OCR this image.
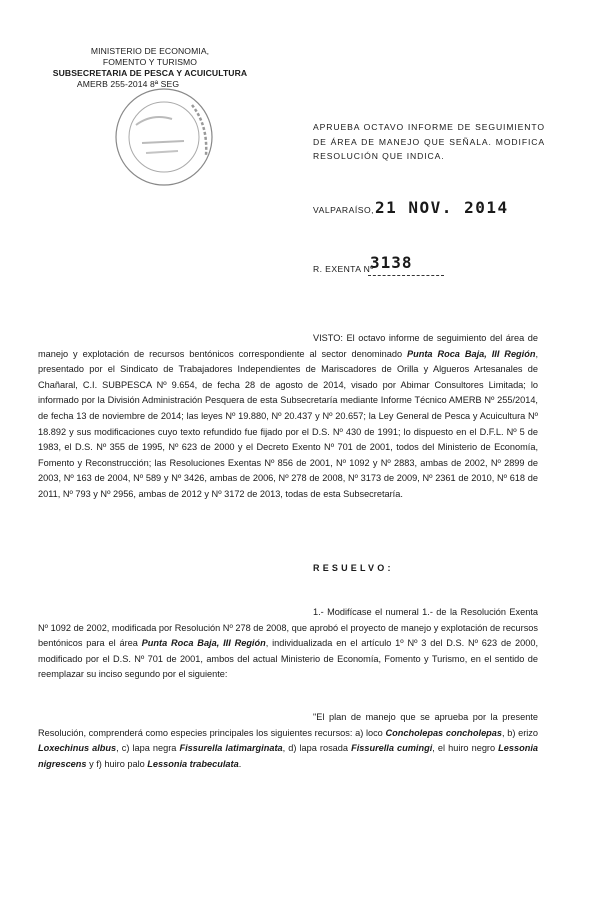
MINISTERIO DE ECONOMIA,
FOMENTO Y TURISMO
SUBSECRETARIA DE PESCA Y ACUICULTURA
AMERB 255-2014 8ª SEG
APRUEBA OCTAVO INFORME DE SEGUIMIENTO DE ÁREA DE MANEJO QUE SEÑALA. MODIFICA RESOLUCIÓN QUE INDICA.
VALPARAÍSO, 21 NOV. 2014
R. EXENTA Nº
3138
VISTO: El octavo informe de seguimiento del área de manejo y explotación de recursos bentónicos correspondiente al sector denominado Punta Roca Baja, III Región, presentado por el Sindicato de Trabajadores Independientes de Mariscadores de Orilla y Algueros Artesanales de Chañaral, C.I. SUBPESCA Nº 9.654, de fecha 28 de agosto de 2014, visado por Abimar Consultores Limitada; lo informado por la División Administración Pesquera de esta Subsecretaría mediante Informe Técnico AMERB Nº 255/2014, de fecha 13 de noviembre de 2014; las leyes Nº 19.880, Nº 20.437 y Nº 20.657; la Ley General de Pesca y Acuicultura Nº 18.892 y sus modificaciones cuyo texto refundido fue fijado por el D.S. Nº 430 de 1991; lo dispuesto en el D.F.L. Nº 5 de 1983, el D.S. Nº 355 de 1995, Nº 623 de 2000 y el Decreto Exento Nº 701 de 2001, todos del Ministerio de Economía, Fomento y Reconstrucción; las Resoluciones Exentas Nº 856 de 2001, Nº 1092 y Nº 2883, ambas de 2002, Nº 2899 de 2003, Nº 163 de 2004, Nº 589 y Nº 3426, ambas de 2006, Nº 278 de 2008, Nº 3173 de 2009, Nº 2361 de 2010, Nº 618 de 2011, Nº 793 y Nº 2956, ambas de 2012 y Nº 3172 de 2013, todas de esta Subsecretaría.
RESUELVO:
1.- Modifícase el numeral 1.- de la Resolución Exenta Nº 1092 de 2002, modificada por Resolución Nº 278 de 2008, que aprobó el proyecto de manejo y explotación de recursos bentónicos para el área Punta Roca Baja, III Región, individualizada en el artículo 1º Nº 3 del D.S. Nº 623 de 2000, modificado por el D.S. Nº 701 de 2001, ambos del actual Ministerio de Economía, Fomento y Turismo, en el sentido de reemplazar su inciso segundo por el siguiente:
"El plan de manejo que se aprueba por la presente Resolución, comprenderá como especies principales los siguientes recursos: a) loco Concholepas concholepas, b) erizo Loxechinus albus, c) lapa negra Fissurella latimarginata, d) lapa rosada Fissurella cumingi, el huiro negro Lessonia nigrescens y f) huiro palo Lessonia trabeculata.
